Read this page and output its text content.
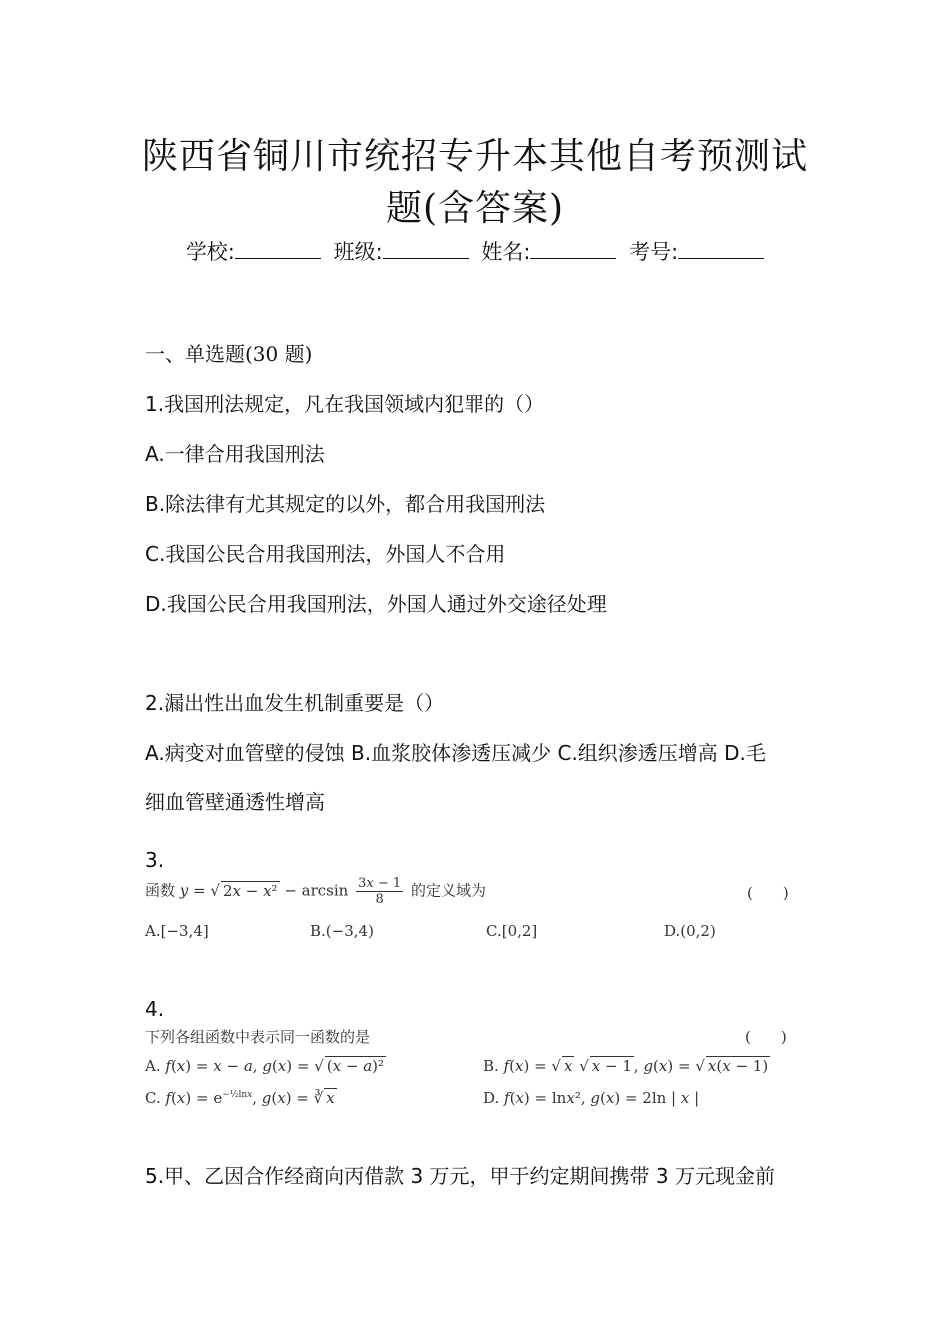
陕西省铜川市统招专升本其他自考预测试
题(含答案)
学校:	班级:	姓名:	考号:
一、单选题(30 题)
1.我国刑法规定，凡在我国领域内犯罪的（）
A.一律合用我国刑法
B.除法律有尤其规定的以外，都合用我国刑法
C.我国公民合用我国刑法，外国人不合用
D.我国公民合用我国刑法，外国人通过外交途径处理
2.漏出性出血发生机制重要是（）
A.病变对血管壁的侵蚀 B.血浆胶体渗透压减少 C.组织渗透压增高 D.毛
细血管壁通透性增高
3.
函数 y = √ $2x - x^2 - \arcsin \frac{3x - 1}{8}$ 的定义域为	(　　)
A.[−3,4]	B.(−3,4)	C.[0,2]	D.(0,2)
4.
下列各组函数中表示同一函数的是	(　　)
A. f(x) = x − a, g(x) = √ (x − a)²	B. f(x) = √ x √ x − 1 , g(x) = √ x(x − 1)
C. $f(x) = e^{-\frac{1}{2}lnx}$, g(x) = ∛ x	D. f(x) = lnx², g(x) = 2ln | x |
5.甲、乙因合作经商向丙借款 3 万元，甲于约定期间携带 3 万元现金前
